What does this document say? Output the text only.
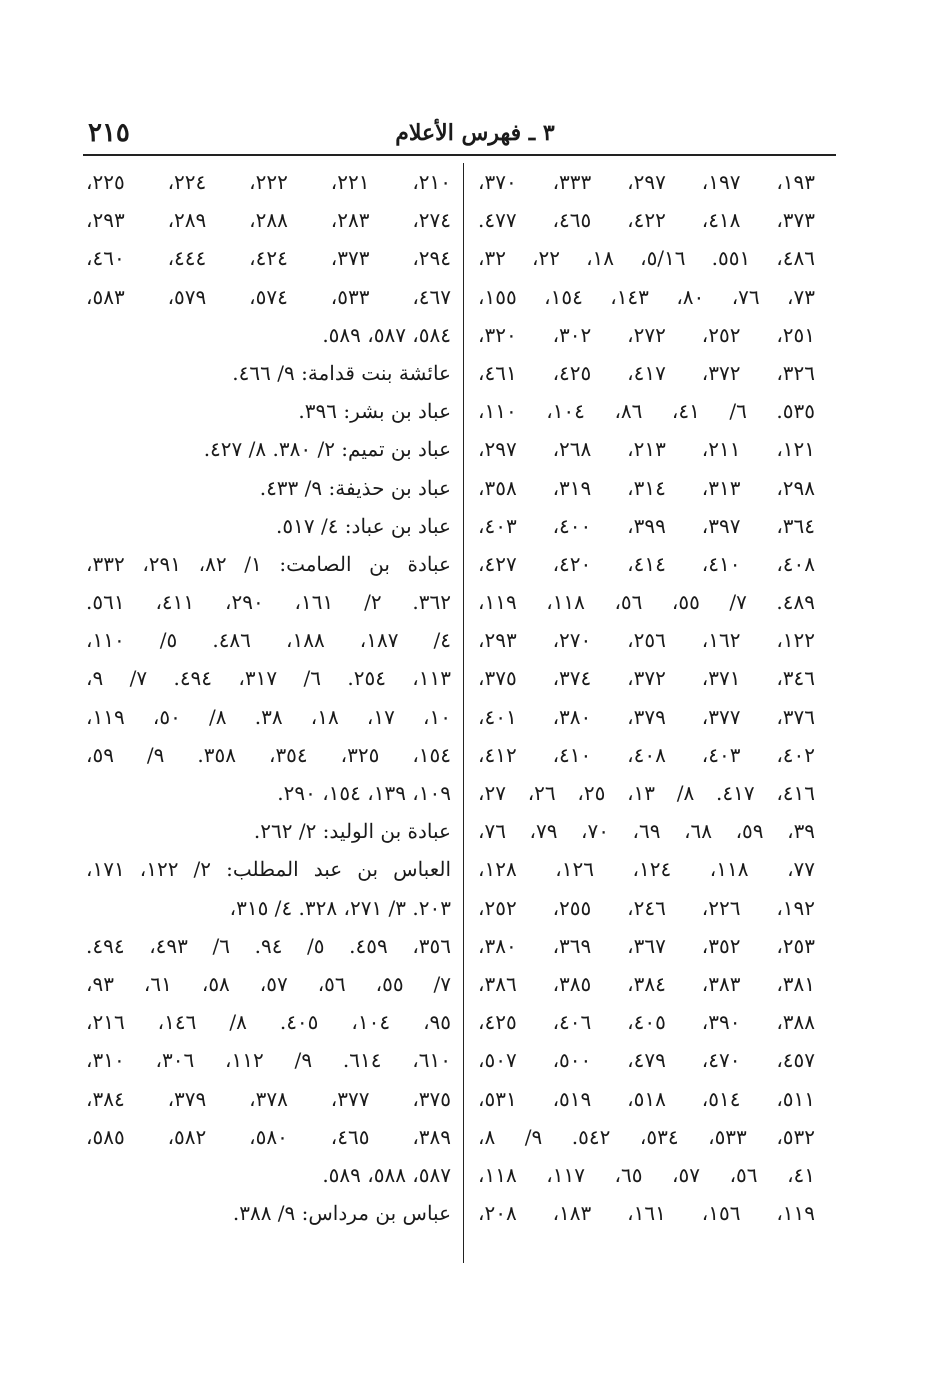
٢١٥	٣ ـ فهرس الأعلام
١٩٣، ١٩٧، ٢٩٧، ٣٣٣، ٣٧٠،
٣٧٣، ٤١٨، ٤٢٢، ٤٦٥، ٤٧٧.
٤٨٦، ٥٥١. ٥/١٦، ١٨، ٢٢، ٣٢،
٧٣، ٧٦، ٨٠، ١٤٣، ١٥٤، ١٥٥،
٢٥١، ٢٥٢، ٢٧٢، ٣٠٢، ٣٢٠،
٣٢٦، ٣٧٢، ٤١٧، ٤٢٥، ٤٦١،
٥٣٥. ٦/ ٤١، ٨٦، ١٠٤، ١١٠،
١٢١، ٢١١، ٢١٣، ٢٦٨، ٢٩٧،
٢٩٨، ٣١٣، ٣١٤، ٣١٩، ٣٥٨،
٣٦٤، ٣٩٧، ٣٩٩، ٤٠٠، ٤٠٣،
٤٠٨، ٤١٠، ٤١٤، ٤٢٠، ٤٢٧،
٤٨٩. ٧/ ٥٥، ٥٦، ١١٨، ١١٩،
١٢٢، ١٦٢، ٢٥٦، ٢٧٠، ٢٩٣،
٣٤٦، ٣٧١، ٣٧٢، ٣٧٤، ٣٧٥،
٣٧٦، ٣٧٧، ٣٧٩، ٣٨٠، ٤٠١،
٤٠٢، ٤٠٣، ٤٠٨، ٤١٠، ٤١٢،
٤١٦، ٤١٧. ٨/ ١٣، ٢٥، ٢٦، ٢٧،
٣٩، ٥٩، ٦٨، ٦٩، ٧٠، ٧٩، ٧٦،
٧٧، ١١٨، ١٢٤، ١٢٦، ١٢٨،
١٩٢، ٢٢٦، ٢٤٦، ٢٥٥، ٢٥٢،
٢٥٣، ٣٥٢، ٣٦٧، ٣٦٩، ٣٨٠،
٣٨١، ٣٨٣، ٣٨٤، ٣٨٥، ٣٨٦،
٣٨٨، ٣٩٠، ٤٠٥، ٤٠٦، ٤٢٥،
٤٥٧، ٤٧٠، ٤٧٩، ٥٠٠، ٥٠٧،
٥١١، ٥١٤، ٥١٨، ٥١٩، ٥٣١،
٥٣٢، ٥٣٣، ٥٣٤، ٥٤٢. ٩/ ٨،
٤١، ٥٦، ٥٧، ٦٥، ١١٧، ١١٨،
١١٩، ١٥٦، ١٦١، ١٨٣، ٢٠٨،
٢١٠، ٢٢١، ٢٢٢، ٢٢٤، ٢٢٥،
٢٧٤، ٢٨٣، ٢٨٨، ٢٨٩، ٢٩٣،
٢٩٤، ٣٧٣، ٤٢٤، ٤٤٤، ٤٦٠،
٤٦٧، ٥٣٣، ٥٧٤، ٥٧٩، ٥٨٣،
٥٨٤، ٥٨٧، ٥٨٩.
عائشة بنت قدامة: ٩/ ٤٦٦.
عباد بن بشر: ٣٩٦.
عباد بن تميم: ٢/ ٣٨٠. ٨/ ٤٢٧.
عباد بن حذيفة: ٩/ ٤٣٣.
عباد بن عباد: ٤/ ٥١٧.
عبادة بن الصامت: ١/ ٨٢، ٢٩١، ٣٣٢،
٣٦٢. ٢/ ١٦١، ٢٩٠، ٤١١، ٥٦١.
٤/ ١٨٧، ١٨٨، ٤٨٦. ٥/ ١١٠،
١١٣، ٢٥٤. ٦/ ٣١٧، ٤٩٤. ٧/ ٩،
١٠، ١٧، ١٨، ٣٨. ٨/ ٥٠، ١١٩،
١٥٤، ٣٢٥، ٣٥٤، ٣٥٨. ٩/ ٥٩،
١٠٩، ١٣٩، ١٥٤، ٢٩٠.
عبادة بن الوليد: ٢/ ٢٦٢.
العباس بن عبد المطلب: ٢/ ١٢٢، ١٧١،
٢٠٣. ٣/ ٢٧١، ٣٢٨. ٤/ ٣١٥،
٣٥٦، ٤٥٩. ٥/ ٩٤. ٦/ ٤٩٣، ٤٩٤.
٧/ ٥٥، ٥٦، ٥٧، ٥٨، ٦١، ٩٣،
٩٥، ١٠٤، ٤٠٥. ٨/ ١٤٦، ٢١٦،
٦١٠، ٦١٤. ٩/ ١١٢، ٣٠٦، ٣١٠،
٣٧٥، ٣٧٧، ٣٧٨، ٣٧٩، ٣٨٤،
٣٨٩، ٤٦٥، ٥٨٠، ٥٨٢، ٥٨٥،
٥٨٧، ٥٨٨، ٥٨٩.
عباس بن مرداس: ٩/ ٣٨٨.
